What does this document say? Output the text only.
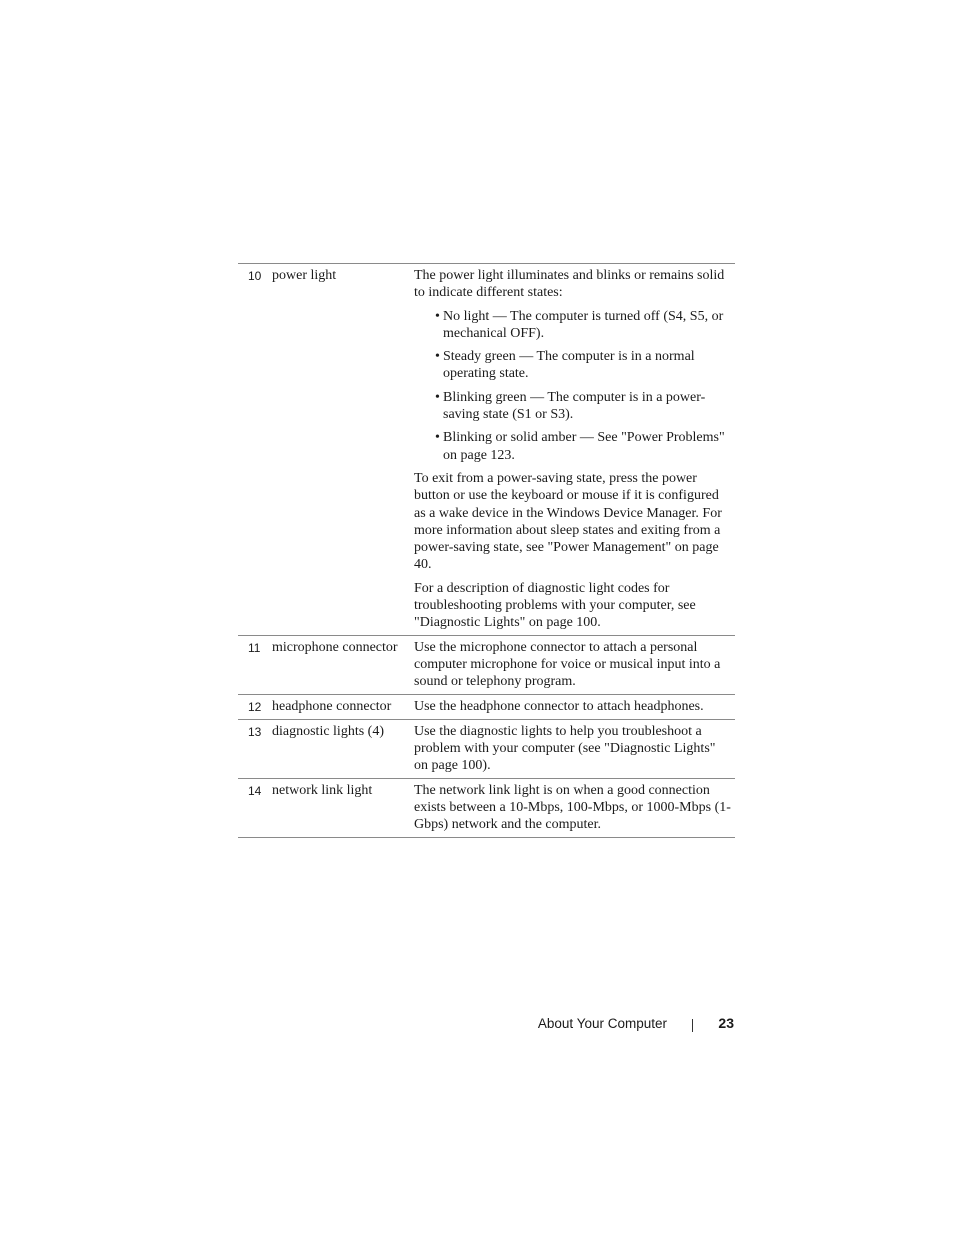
10 power light	The power light illuminates and blinks or remains solid to indicate different states:

• No light — The computer is turned off (S4, S5, or mechanical OFF).
• Steady green — The computer is in a normal operating state.
• Blinking green — The computer is in a power-saving state (S1 or S3).
• Blinking or solid amber — See "Power Problems" on page 123.

To exit from a power-saving state, press the power button or use the keyboard or mouse if it is configured as a wake device in the Windows Device Manager. For more information about sleep states and exiting from a power-saving state, see "Power Management" on page 40.

For a description of diagnostic light codes for troubleshooting problems with your computer, see "Diagnostic Lights" on page 100.

11 microphone connector	Use the microphone connector to attach a personal computer microphone for voice or musical input into a sound or telephony program.
12 headphone connector	Use the headphone connector to attach headphones.
13 diagnostic lights (4)	Use the diagnostic lights to help you troubleshoot a problem with your computer (see "Diagnostic Lights" on page 100).
14 network link light	The network link light is on when a good connection exists between a 10-Mbps, 100-Mbps, or 1000-Mbps (1-Gbps) network and the computer.
About Your Computer	23
